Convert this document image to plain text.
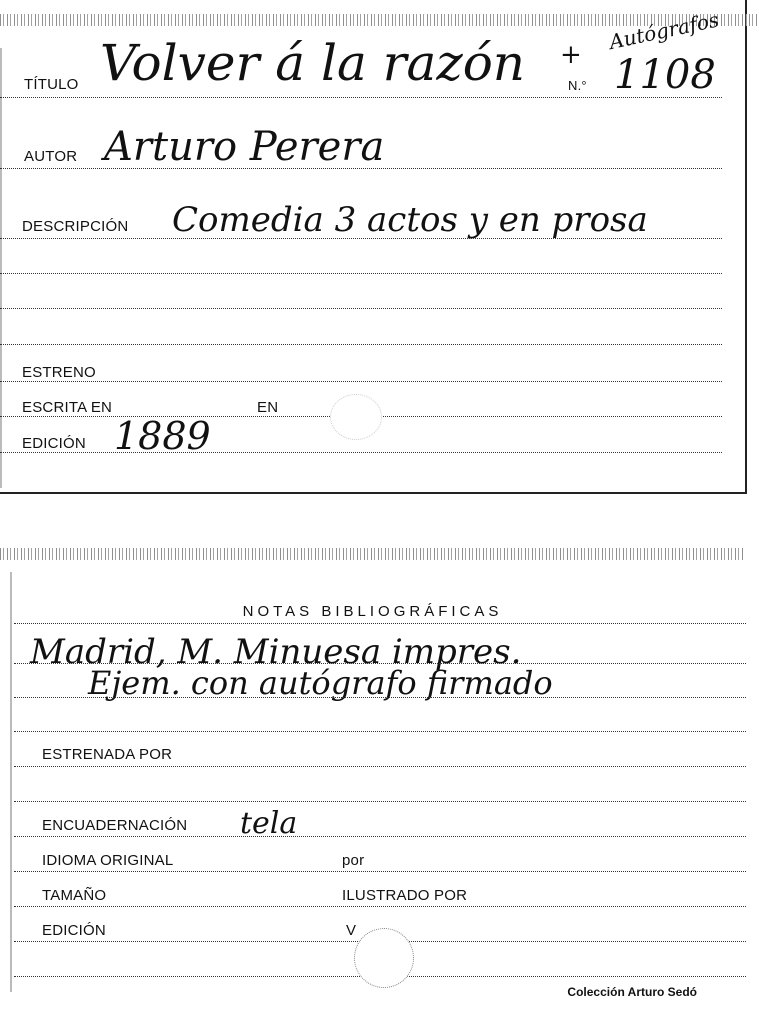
TÍTULO Volver á la razón +
N.° 1108
Autógrafos
AUTOR Arturo Perera
DESCRIPCIÓN Comedia 3 actos y en prosa
ESTRENO
ESCRITA EN	EN
EDICIÓN 1889
NOTAS BIBLIOGRÁFICAS
Madrid, M. Minuesa impres.
Ejem. con autógrafo firmado
ESTRENADA POR
ENCUADERNACIÓN tela
IDIOMA ORIGINAL	por
TAMAÑO	ILUSTRADO POR
EDICIÓN	V
Colección Arturo Sedó
